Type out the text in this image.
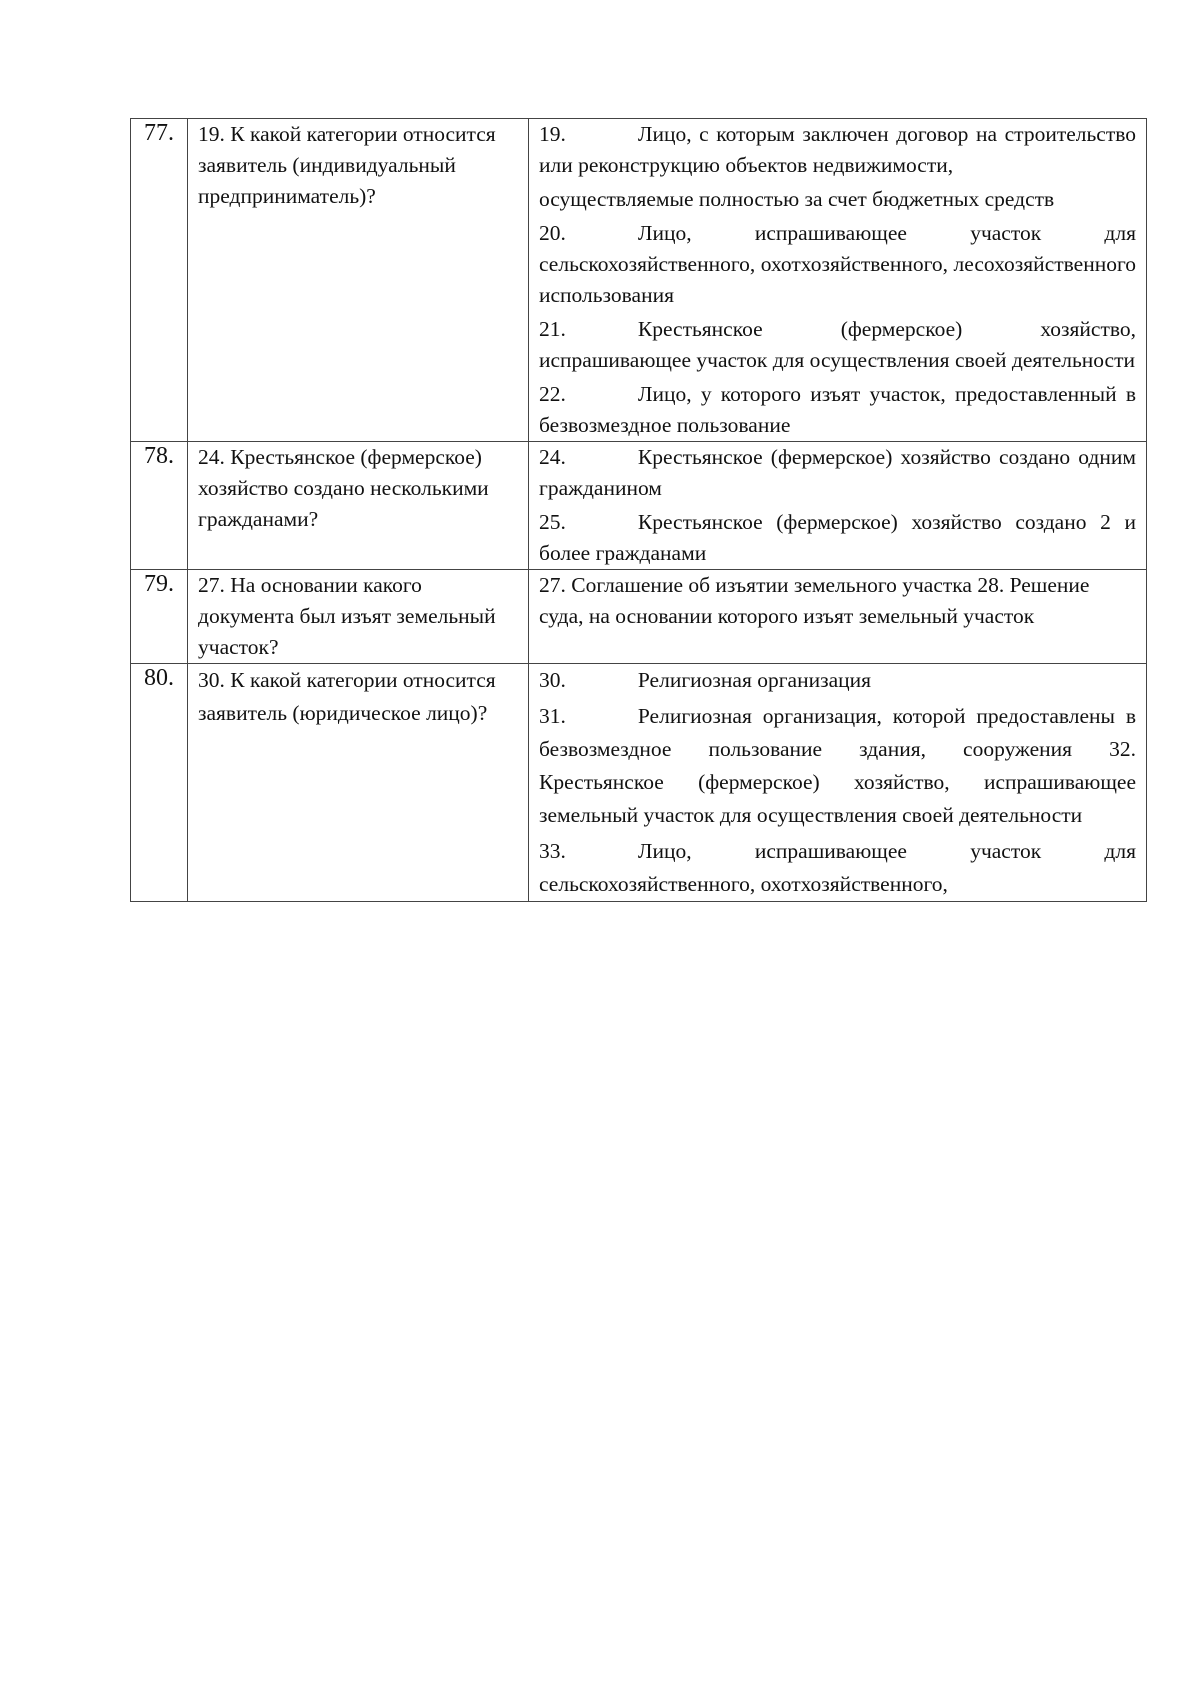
77.	19. К какой категории относится заявитель (индивидуальный предприниматель)?	19. Лицо, с которым заключен договор на строительство или реконструкцию объектов недвижимости,
осуществляемые полностью за счет бюджетных средств
20. Лицо, испрашивающее участок для сельскохозяйственного, охотхозяйственного, лесохозяйственного использования
21. Крестьянское (фермерское) хозяйство, испрашивающее участок для осуществления своей деятельности
22. Лицо, у которого изъят участок, предоставленный в безвозмездное пользование

78.	24. Крестьянское (фермерское) хозяйство создано несколькими гражданами?	24. Крестьянское (фермерское) хозяйство создано одним гражданином
25. Крестьянское (фермерское) хозяйство создано 2 и более гражданами

79.	27. На основании какого документа был изъят земельный участок?	27. Соглашение об изъятии земельного участка 28. Решение суда, на основании которого изъят земельный участок

80.	30. К какой категории относится заявитель (юридическое лицо)?	30. Религиозная организация
31. Религиозная организация, которой предоставлены в безвозмездное пользование здания, сооружения 32. Крестьянское (фермерское) хозяйство, испрашивающее земельный участок для осуществления своей деятельности
33. Лицо, испрашивающее участок для сельскохозяйственного, охотхозяйственного,
